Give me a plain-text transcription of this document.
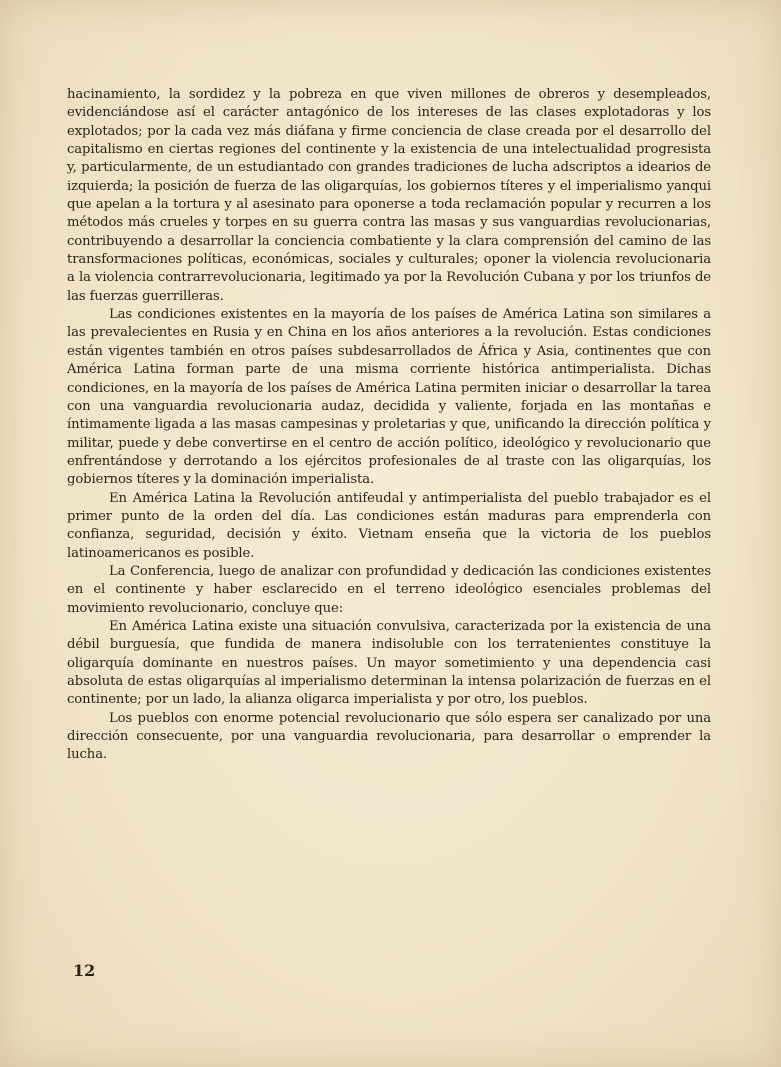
hacinamiento, la sordidez y la pobreza en que viven millones de obreros y desempleados, evidenciándose así el carácter antagónico de los intereses de las clases explotadoras y los explotados; por la cada vez más diáfana y firme conciencia de clase creada por el desarrollo del capitalismo en ciertas regiones del continente y la existencia de una intelectualidad progresista y, particularmente, de un estudiantado con grandes tradiciones de lucha adscriptos a idearios de izquierda; la posición de fuerza de las oligarquías, los gobiernos títeres y el imperialismo yanqui que apelan a la tortura y al asesinato para oponerse a toda reclamación popular y recurren a los métodos más crueles y torpes en su guerra contra las masas y sus vanguardias revolucionarias, contribuyendo a desarrollar la conciencia combatiente y la clara comprensión del camino de las transformaciones políticas, económicas, sociales y culturales; oponer la violencia revolucionaria a la violencia contrarrevolucionaria, legitimado ya por la Revolución Cubana y por los triunfos de las fuerzas guerrilleras.

Las condiciones existentes en la mayoría de los países de América Latina son similares a las prevalecientes en Rusia y en China en los años anteriores a la revolución. Estas condiciones están vigentes también en otros países subdesarrollados de África y Asia, continentes que con América Latina forman parte de una misma corriente histórica antimperialista. Dichas condiciones, en la mayoría de los países de América Latina permiten iniciar o desarrollar la tarea con una vanguardia revolucionaria audaz, decidida y valiente, forjada en las montañas e íntimamente ligada a las masas campesinas y proletarias y que, unificando la dirección política y militar, puede y debe convertirse en el centro de acción político, ideológico y revolucionario que enfrentándose y derrotando a los ejércitos profesionales de al traste con las oligarquías, los gobiernos títeres y la dominación imperialista.

En América Latina la Revolución antifeudal y antimperialista del pueblo trabajador es el primer punto de la orden del día. Las condiciones están maduras para emprenderla con confianza, seguridad, decisión y éxito. Vietnam enseña que la victoria de los pueblos latinoamericanos es posible.

La Conferencia, luego de analizar con profundidad y dedicación las condiciones existentes en el continente y haber esclarecido en el terreno ideológico esenciales problemas del movimiento revolucionario, concluye que:

En América Latina existe una situación convulsiva, caracterizada por la existencia de una débil burguesía, que fundida de manera indisoluble con los terratenientes constituye la oligarquía dominante en nuestros países. Un mayor sometimiento y una dependencia casi absoluta de estas oligarquías al imperialismo determinan la intensa polarización de fuerzas en el continente; por un lado, la alianza oligarca imperialista y por otro, los pueblos.

Los pueblos con enorme potencial revolucionario que sólo espera ser canalizado por una dirección consecuente, por una vanguardia revolucionaria, para desarrollar o emprender la lucha.

12
